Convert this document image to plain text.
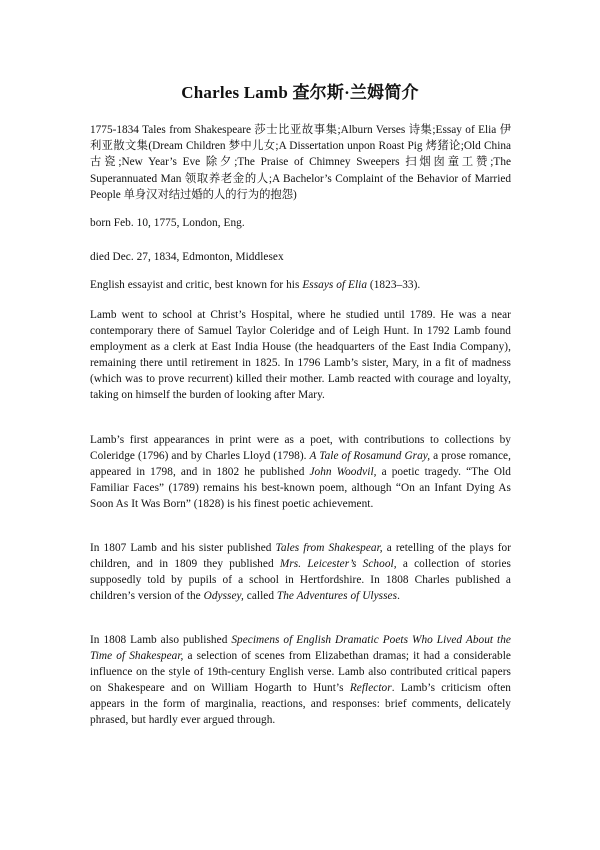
Charles Lamb 查尔斯·兰姆简介
1775-1834 Tales from Shakespeare 莎士比亚故事集;Alburn Verses 诗集;Essay of Elia 伊利亚散文集(Dream Children 梦中儿女;A Dissertation unpon Roast Pig 烤猪论;Old China 古瓷;New Year’s Eve 除夕;The Praise of Chimney Sweepers 扫烟囱童工赞;The Superannuated Man 领取养老金的人;A Bachelor’s Complaint of the Behavior of Married People 单身汉对结过婚的人的行为的抱怨)
born Feb. 10, 1775, London, Eng.
died Dec. 27, 1834, Edmonton, Middlesex
English essayist and critic, best known for his Essays of Elia (1823–33).
Lamb went to school at Christ’s Hospital, where he studied until 1789. He was a near contemporary there of Samuel Taylor Coleridge and of Leigh Hunt. In 1792 Lamb found employment as a clerk at East India House (the headquarters of the East India Company), remaining there until retirement in 1825. In 1796 Lamb’s sister, Mary, in a fit of madness (which was to prove recurrent) killed their mother. Lamb reacted with courage and loyalty, taking on himself the burden of looking after Mary.
Lamb’s first appearances in print were as a poet, with contributions to collections by Coleridge (1796) and by Charles Lloyd (1798). A Tale of Rosamund Gray, a prose romance, appeared in 1798, and in 1802 he published John Woodvil, a poetic tragedy. “The Old Familiar Faces” (1789) remains his best-known poem, although “On an Infant Dying As Soon As It Was Born” (1828) is his finest poetic achievement.
In 1807 Lamb and his sister published Tales from Shakespear, a retelling of the plays for children, and in 1809 they published Mrs. Leicester’s School, a collection of stories supposedly told by pupils of a school in Hertfordshire. In 1808 Charles published a children’s version of the Odyssey, called The Adventures of Ulysses.
In 1808 Lamb also published Specimens of English Dramatic Poets Who Lived About the Time of Shakespear, a selection of scenes from Elizabethan dramas; it had a considerable influence on the style of 19th-century English verse. Lamb also contributed critical papers on Shakespeare and on William Hogarth to Hunt’s Reflector. Lamb’s criticism often appears in the form of marginalia, reactions, and responses: brief comments, delicately phrased, but hardly ever argued through.
